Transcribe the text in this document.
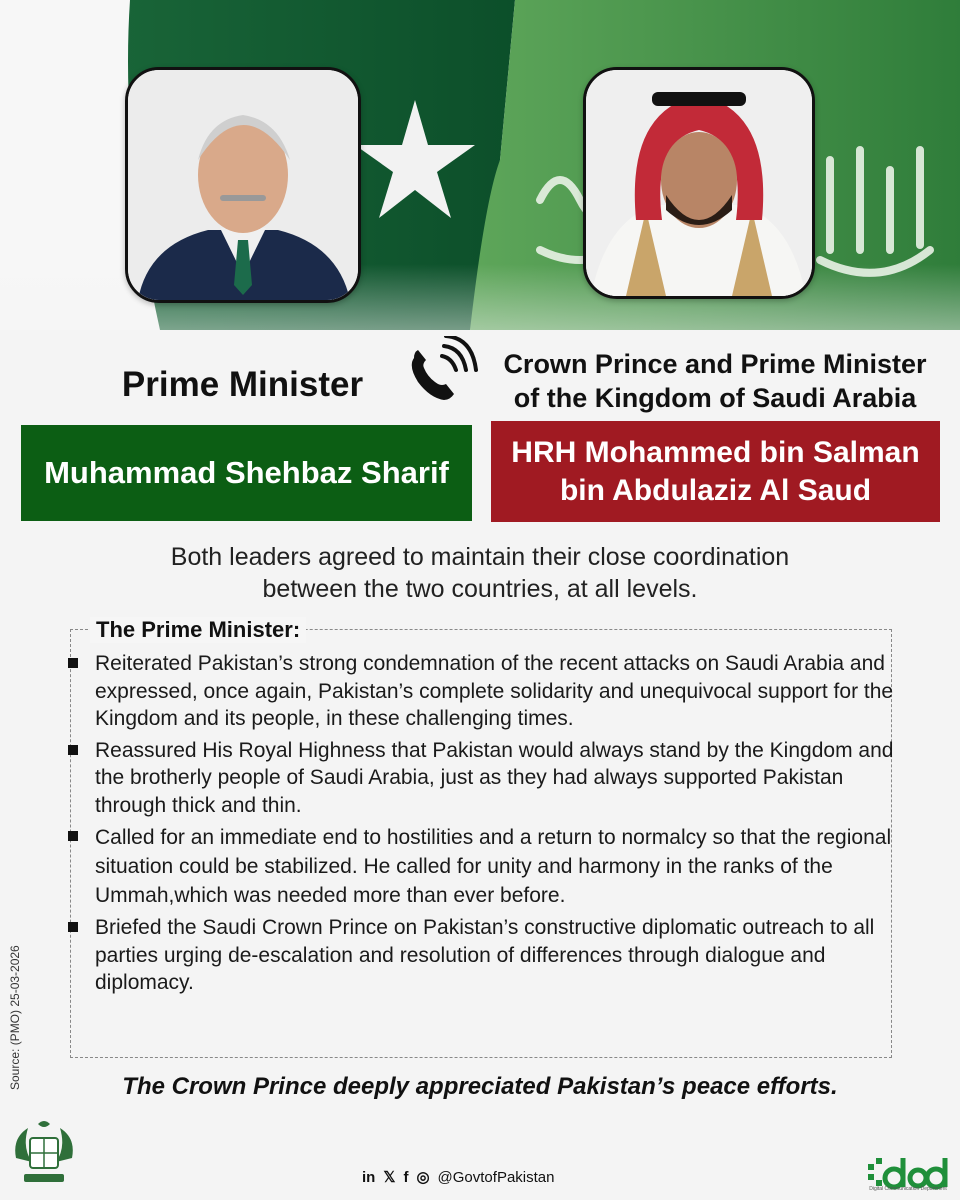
Prime Minister
Crown Prince and Prime Minister
of the Kingdom of Saudi Arabia
Muhammad Shehbaz Sharif
HRH Mohammed bin Salman
bin Abdulaziz Al Saud
Both leaders agreed to maintain their close coordination
between the two countries, at all levels.
The Prime Minister:
Reiterated Pakistan’s strong condemnation of the recent attacks on Saudi Arabia and expressed, once again, Pakistan’s complete solidarity and unequivocal support for the Kingdom and its people, in these challenging times.
Reassured His Royal Highness that Pakistan would always stand by the Kingdom and the brotherly people of Saudi Arabia, just as they had always supported Pakistan through thick and thin.
Called for an immediate end to hostilities and a return to normalcy so that the regional situation could be stabilized. He called for unity and harmony in the ranks of the Ummah,which was needed more than ever before.
Briefed the Saudi Crown Prince on Pakistan’s constructive diplomatic outreach to all parties urging de-escalation and resolution of differences through dialogue and diplomacy.
The Crown Prince deeply appreciated Pakistan’s peace efforts.
Source: (PMO) 25-03-2026
in 𝕏 f ◎ @GovtofPakistan
Digital Communication Department
